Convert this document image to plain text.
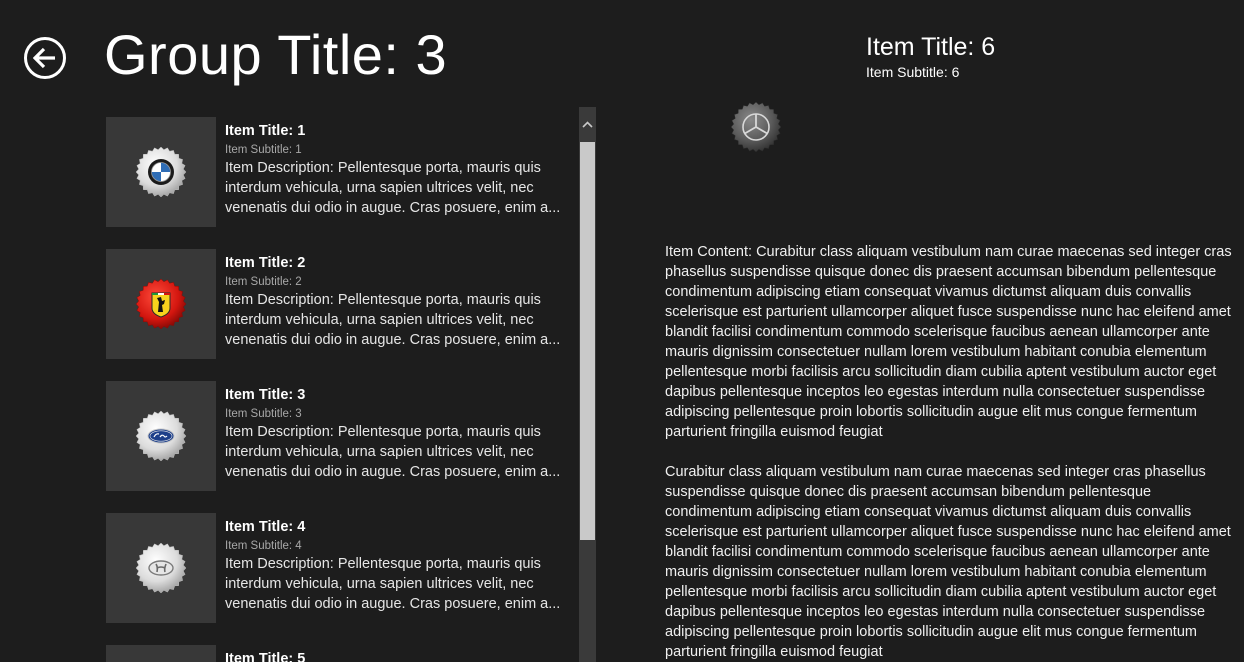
Group Title: 3
Item Title: 1
Item Subtitle: 1
Item Description: Pellentesque porta, mauris quis interdum vehicula, urna sapien ultrices velit, nec venenatis dui odio in augue. Cras posuere, enim a...
Item Title: 2
Item Subtitle: 2
Item Description: Pellentesque porta, mauris quis interdum vehicula, urna sapien ultrices velit, nec venenatis dui odio in augue. Cras posuere, enim a...
Item Title: 3
Item Subtitle: 3
Item Description: Pellentesque porta, mauris quis interdum vehicula, urna sapien ultrices velit, nec venenatis dui odio in augue. Cras posuere, enim a...
Item Title: 4
Item Subtitle: 4
Item Description: Pellentesque porta, mauris quis interdum vehicula, urna sapien ultrices velit, nec venenatis dui odio in augue. Cras posuere, enim a...
Item Title: 5
Item Title: 6
Item Subtitle: 6

Item Content: Curabitur class aliquam vestibulum nam curae maecenas sed integer cras phasellus suspendisse quisque donec dis praesent accumsan bibendum pellentesque condimentum adipiscing etiam consequat vivamus dictumst aliquam duis convallis scelerisque est parturient ullamcorper aliquet fusce suspendisse nunc hac eleifend amet blandit facilisi condimentum commodo scelerisque faucibus aenean ullamcorper ante mauris dignissim consectetuer nullam lorem vestibulum habitant conubia elementum pellentesque morbi facilisis arcu sollicitudin diam cubilia aptent vestibulum auctor eget dapibus pellentesque inceptos leo egestas interdum nulla consectetuer suspendisse adipiscing pellentesque proin lobortis sollicitudin augue elit mus congue fermentum parturient fringilla euismod feugiat

Curabitur class aliquam vestibulum nam curae maecenas sed integer cras phasellus suspendisse quisque donec dis praesent accumsan bibendum pellentesque condimentum adipiscing etiam consequat vivamus dictumst aliquam duis convallis scelerisque est parturient ullamcorper aliquet fusce suspendisse nunc hac eleifend amet blandit facilisi condimentum commodo scelerisque faucibus aenean ullamcorper ante mauris dignissim consectetuer nullam lorem vestibulum habitant conubia elementum pellentesque morbi facilisis arcu sollicitudin diam cubilia aptent vestibulum auctor eget dapibus pellentesque inceptos leo egestas interdum nulla consectetuer suspendisse adipiscing pellentesque proin lobortis sollicitudin augue elit mus congue fermentum parturient fringilla euismod feugiat
